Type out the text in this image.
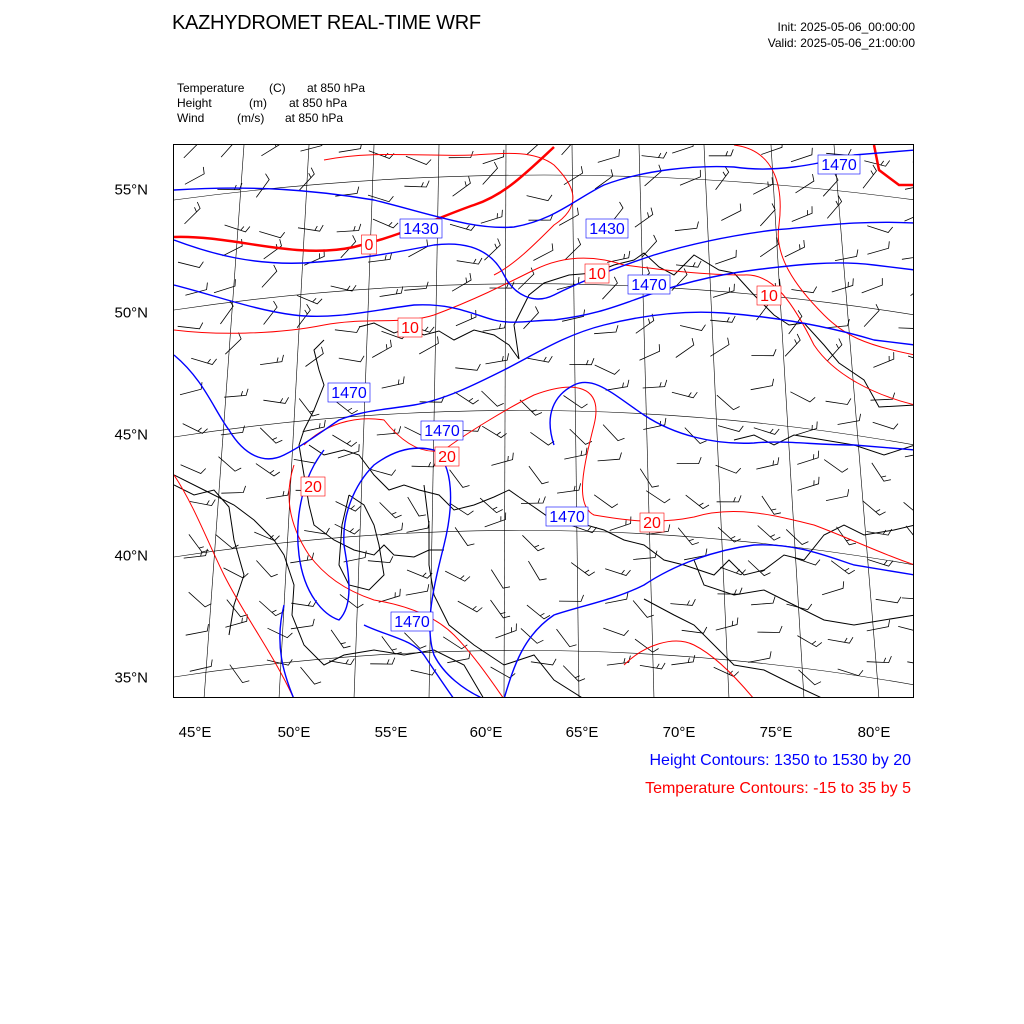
KAZHYDROMET REAL-TIME WRF	Init: 2025-05-06_00:00:00
Valid: 2025-05-06_21:00:00
Temperature (C) at 850 hPa
Height	(m) at 850 hPa
Wind	(m/s) at 850 hPa
1430	1430
1470
1470
1470
1470
1470
1470
0
10
10
10
20
20
20
55°N
50°N
45°N
40°N
35°N
45°E	50°E	55°E	60°E	65°E	70°E	75°E	80°E
Height Contours: 1350 to 1530 by 20
Temperature Contours: -15 to 35 by 5
